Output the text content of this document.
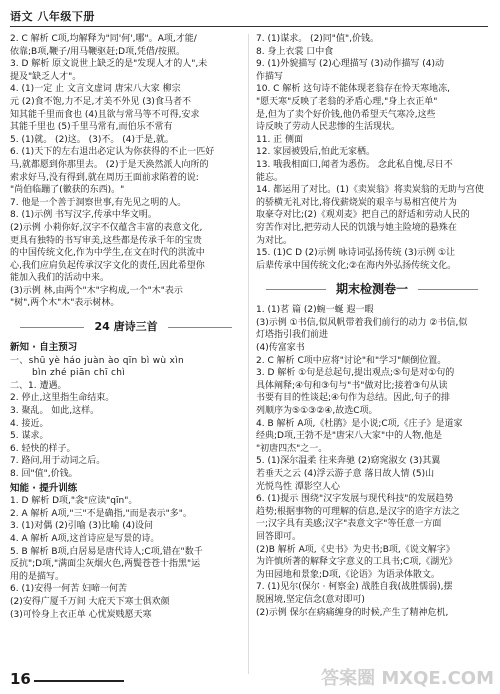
语文 八年级下册
2. C 解析 C项,均解释为"同'何',哪"。A项,才能/
依靠;B项,鞭子/用马鞭驱赶;D项,凭借/按照。
3. D 解析 原文说世上缺乏的是"发现人才的人",未
提及"缺乏人才"。
4. (1)一定 止 文言文虚词 唐宋八大家 柳宗
元 (2)食不饱,力不足,才美不外见 (3)食马者不
知其能千里而食也 (4)且欲与常马等不可得,安求
其能千里也 (5)千里马常有,而伯乐不常有
5. (1)就。 (2)这。 (3)不。 (4)于是,就。
6. (1)天下的左右退出必定认为你获得的不止一匹好
马,就都愿到你那里去。 (2)于是天涣然派人向所的
索求好马,没有得到,就在周历王面前求陷着的说:
"尚伯临蹦了(徽获的东西)。"
7. 他是一个善于洞察世事,有先见之明的人。
8. (1)示例 书写汉字,传承中华文明。
(2)示例 小莉你好,汉字不仅蕴含丰富的表意文化,
更具有独特的书写审美,这些都是传承千年的宝贵
的中国传统文化,作为中学生,在文在时代的洪流中
心,我们应肩负起传承汉字文化的责任,因此希望你
能加入我们的活动中来。
(3)示例 林,由两个"木"字构成,一个"木"表示
"树",两个木"木"表示树林。
24 唐诗三首
新知 · 自主预习
一、shū yè háo juàn ào qīn bì wù xìn
bìn zhé piān chī chì
二、1. 遭遇。
2. 停止,这里指生命结束。
3. 聚乱。 如此,这样。
4. 接近。
5. 谋求。
6. 轻快的样子。
7. 路问,用于动词之后。
8. 回"值",价钱。
知能 · 提升训练
1. D 解析 D项,"衾"应读"qīn"。
2. A 解析 A项,"三"不是确指,"而是表示"多"。
3. (1)对偶 (2)引喻 (3)比喻 (4)设问
4. A 解析 A项,这首诗应是写景的诗。
5. B 解析 B项,白居易是唐代诗人;C项,错在"数千
反抗";D项,"满面尘灰烟火色,两鬓苍苍十指黑"运
用的是描写。
6. (1)安得一何苦 妇啼一何苦
(2)安得广厦千万间 大庇天下寒士俱欢颜
(3)可怜身上衣正单 心忧炭贱愿天寒
7. (1)谋求。 (2)同"值",价钱。
8. 身上衣裳 口中食
9. (1)外貌描写 (2)心理描写 (3)动作描写 (4)动
作描写
10. C 解析 这句诗不能体现老翁存在怜天寒地冻,
"愿天寒"反映了老翁的矛盾心理,"身上衣正单"
是,但为了卖个好价钱,他仍希望天气寒冷,这些
诗反映了劳动人民悲惨的生活现状。
11. 正 侧面
12. 家园被毁后,怕此无家栖。
13. 哦我相面口,闻者为悉伤。 念此私自愧,尽日不
能忘。
14. 都运用了对比。(1)《卖炭翁》将卖炭翁的无助与宫使
的骄横无礼对比,将伐薪烧炭的艰辛与易相宫使片为
取豪夺对比;(2)《观刈麦》把自己的舒适和劳动人民的
穷苦作对比,把劳动人民的饥饿与她主险境的悬殊在
为对比。
15. (1)C D (2)示例 咏诗词弘扬传统 (3)示例 ①让
后辈传承中国传统文化;②在海内外弘扬传统文化。
期末检测卷一
1. (1)茗 篇 (2)蜿一蜒 遐一暇
(3)示例 ①书信,似风帆带着我们前行的动力 ②书信,似
灯塔指引我们前进
(4)传富家书
2. C 解析 C项中应将"讨论"和"学习"颠倒位置。
3. D 解析 ①句是总起句,提出观点;⑤句是对①句的
具体阐释;④句和③句与"书"做对比;接着③句从读
书要有目的性谈起;④句作为总结。因此,句子的排
列顺序为⑤①③②④,故选C项。
4. B 解析 A项,《杜鹃》是小说;C项,《庄子》是道家
经典;D项,王勃不是"唐宋八大家"中的人物,他是
"初唐四杰"之一。
5. (1)深尔温柔 往来奔驰 (2)窈窕淑女 (3)其翼
若垂天之云 (4)浮云游子意 落日故人情 (5)山
光悦鸟性 潭影空人心
6. (1)提示 围绕"汉字发展与现代科技"的发展趋势
趋势;根据事物的可理解的信息,是汉字的造字方法之
一;汉字具有美感;汉字"表意文字"等任意一方面
回答即可。
(2)B 解析 A项,《史书》为史书;B项,《说文解字》
为许慎所著的解释文字意义的工具书;C项,《湖光》
为田园地和景象;D项,《论语》为语录体散文。
7. (1)见尔(保尔 · 柯察金) 战胜自我(战胜懦弱),摆
脱困境,坚定信念(意对即可)
(2)示例 保尔在病痛缠身的时候,产生了精神危机,
16	答案圈 MXQE.COM
